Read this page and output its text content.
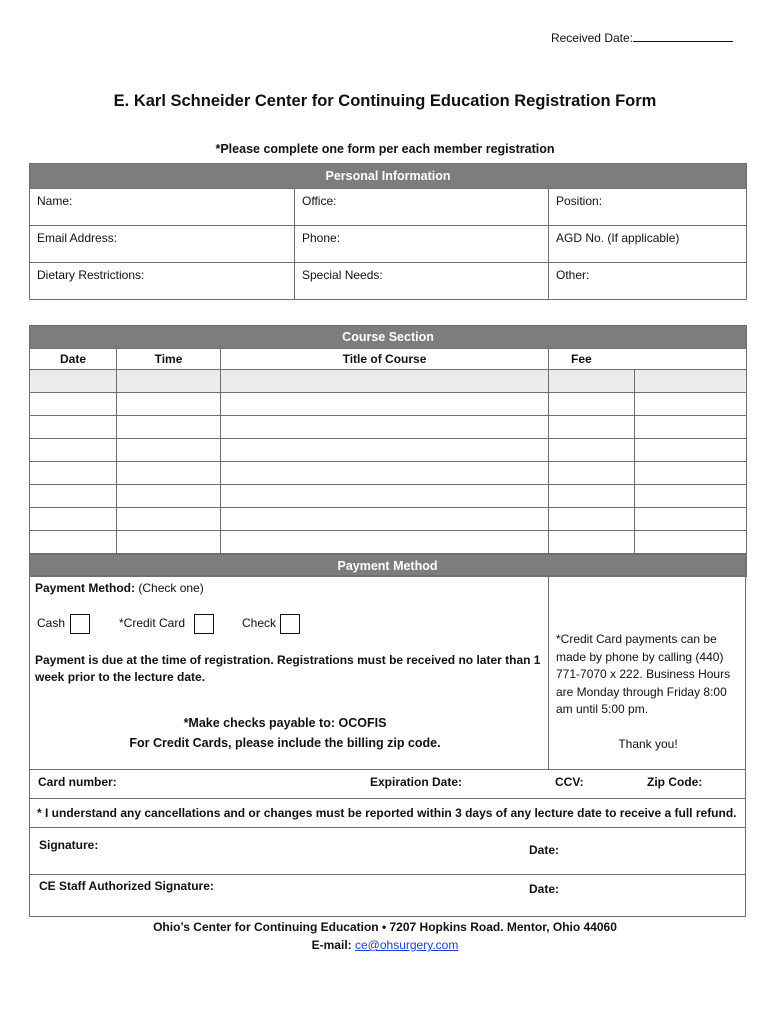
Received Date:
E. Karl Schneider Center for Continuing Education Registration Form
*Please complete one form per each member registration
Personal Information		
Name:	Office:	Position:
Email Address:	Phone:	AGD No. (If applicable)
Dietary Restrictions:	Special Needs:	Other:
Course Section				
Date	Time	Title of Course	Fee	

Payment Method
Payment Method: (Check one)
Cash	*Credit Card	Check
Payment is due at the time of registration. Registrations must be received no later than 1 week prior to the lecture date.
*Make checks payable to: OCOFIS
For Credit Cards, please include the billing zip code.
*Credit Card payments can be made by phone by calling (440) 771-7070 x 222. Business Hours are Monday through Friday 8:00 am until 5:00 pm.
Thank you!
Card number:	Expiration Date:	CCV:	Zip Code:
* I understand any cancellations and or changes must be reported within 3 days of any lecture date to receive a full refund.
Signature:	Date:
CE Staff Authorized Signature:	Date:
Ohio’s Center for Continuing Education • 7207 Hopkins Road. Mentor, Ohio 44060
E-mail: ce@ohsurgery.com
